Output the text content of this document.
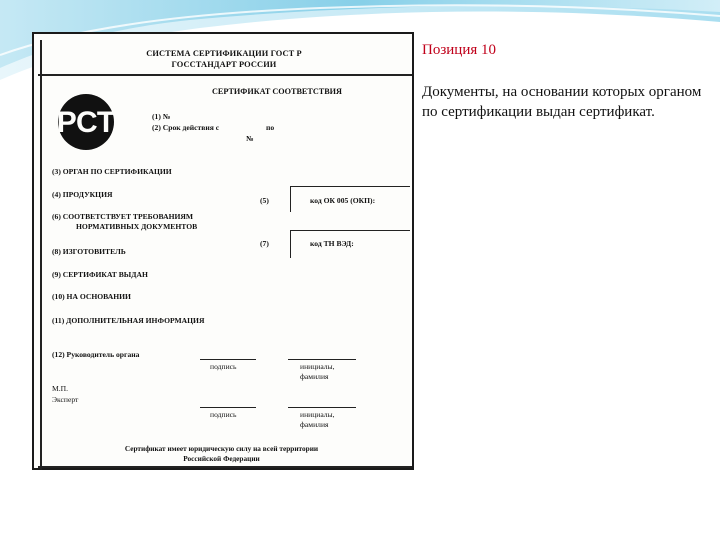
СИСТЕМА СЕРТИФИКАЦИИ ГОСТ Р
ГОССТАНДАРТ РОССИИ
РСТ
СЕРТИФИКАТ СООТВЕТСТВИЯ
(1) №
(2) Срок действия с	по
№
(3) ОРГАН ПО СЕРТИФИКАЦИИ
(4) ПРОДУКЦИЯ
(5)	код ОК 005 (ОКП):
(6) СООТВЕТСТВУЕТ ТРЕБОВАНИЯМ
НОРМАТИВНЫХ ДОКУМЕНТОВ
(7)	код ТН ВЭД:
(8) ИЗГОТОВИТЕЛЬ
(9) СЕРТИФИКАТ ВЫДАН
(10) НА ОСНОВАНИИ
(11) ДОПОЛНИТЕЛЬНАЯ ИНФОРМАЦИЯ
(12) Руководитель органа
подпись	инициалы,
фамилия
М.П.
Эксперт
подпись	инициалы,
фамилия
Сертификат имеет юридическую силу на всей территории
Российской Федерации

Позиция 10

Документы, на основании которых органом по сертификации выдан сертификат.
